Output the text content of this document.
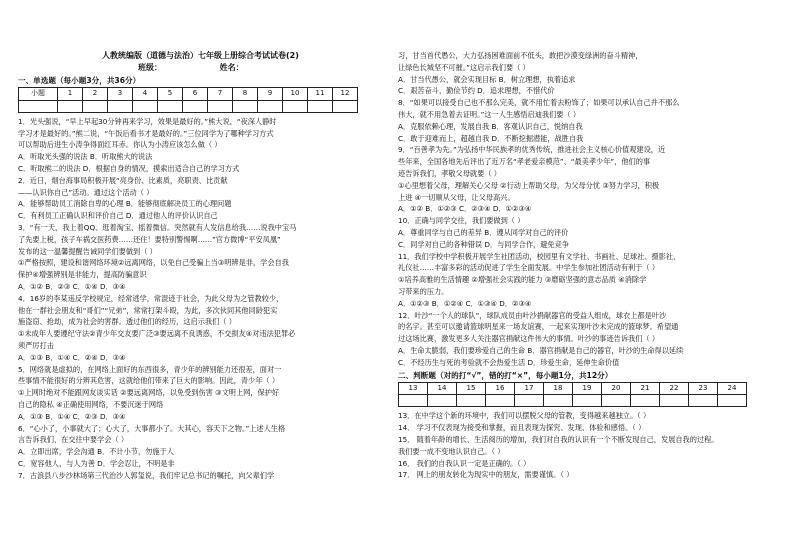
人教统编版（道德与法治）七年级上册综合考试试卷(2)
班级：	姓名：
一、单选题（每小题3分，共36分）
小题	1	2	3	4	5	6	7	8	9	10	11	12

1．光头强说，“早上早起30分钟再来学习，效果是最好的。”熊大说，“夜深人静时
学习才是最好的。”熊二说，“午饭后看书才是最好的。”三位同学为了哪种学习方式
可以帮助后进生小涛争得面红耳赤。你认为小涛应该怎么做（ ）
A．听取光头强的说法 B．听取熊大的说法
C．听取熊二的说法 D．根据自身的情况，摸索出适合自己的学习方式
2．近日，烟台海事局积极开展“亮身份、比素质，亮职责、比贡献
——认识你自己”活动。通过这个活动（ ）
A．能够帮助员工消除自卑的心理 B．能够彻底解决员工的心理问题
C．有利员工正确认识和评价自己 D．通过他人的评价认识自己
3．“有一天，我上着QQ、逛着淘宝、摇着微信。突然就有人发信息给我……说我中宝马
了先要上税，孩子车祸交医药费……还住！要特别警惕啊……”官方微博“平安凤凰”
发布的这一温馨提醒告诫同学们要做到（ ）
①严格按照，建设和谐网络环境②远离网络，以免自己受骗上当③明辨是非，学会自我
保护④增强辨别是非能力，提高防骗意识
A．①② B．②③ C．①④ D．③④
4．16岁的李某违反学校规定，经常逃学，常混迹于社会，为此父母为之管教较少，
他在一群社会朋友和“哥们”“兄弟”，常常打架斗殴，为此，多次伙同其他同龄犯实
施盗窃、抢劫，成为社会的害群。透过他们的经历，这启示我们（ ）
①未成年人要遵纪守法②青少年交友要广泛③要远离不良诱惑，不交损友④对违法犯罪必
须严厉打击
A．①③ B．①④ C．②④ D．③④
5．网络就是虚拟的，在网络上面好的东西很多，青少年的辨别能力还很差，面对一
些事情不能很好的分辨其危害，这就给他们带来了巨大的影响。因此，青少年（ ）
①上网时绝对不能跟网友谈实话 ②要远离网络，以免受到伤害 ③文明上网，保护好
自己的隐私 ④正确使用网络，不要沉迷于网络
A．①③ B．①④ C．②③ D．③④
6．“心小了，小事就大了；心大了，大事都小了。大其心，容天下之物。”上述人生格
言告诉我们，在交往中要学会（ ）
A．立即出席，学会沟通 B．不计小节，勿施于人
C．宽容他人，与人为善 D．学会忍让，不明是非
7．古浪县八步沙林场第三代治沙人郭玺说，我们牢记总书记的嘱托，向父辈们学
习，甘当首代愚公，大力弘扬困难面前不低头，敢把沙漠变绿洲的奋斗精神，
让绿色长城坚不可摧。”这启示我们要（ ）
A．甘当代愚公，就会实现目标 B．树立理想，执着追求
C．艰苦奋斗，勤俭节约 D．追求理想，不惜代价
8．“如果可以接受自己也不那么完美，就不用忙着去粉饰了；如果可以承认自己并不那么
伟大，就不用急着去证明。”这一人生感悟启迪我们要（ ）
A．克服依赖心理，发展自我 B．客观认识自己，悦纳自我
C．敢于迎难而上，超越自我 D．不断挖掘潜能，战胜自我
9．“百善孝为先。”为弘扬中华民族孝的优秀传统，推进社会主义核心价值观建设，近
些年来，全国各地先后评出了近万名“孝老爱亲模范”、“最美孝少年”，他们的事
迹告诉我们，孝敬父母就要（ ）
①心里想着父母，理解关心父母 ②行动上帮助父母，为父母分忧 ③努力学习，积极
上进 ④一切顺从父母，让父母高兴。
A．①② B．①②③ C．②③④ D．①②③④
10．正确与同学交往，我们要做到（ ）
A．尊重同学与自己的差异 B．遵从同学对自己的评价
C．同学对自己的各种错误 D．与同学合作，避免竞争
11．我们学校中学积极开展学生社团活动，校园里有文学社、书画社、足球社、摄影社、
礼仪社……丰富多彩的活动促进了学生全面发展。中学生参加社团活动有利于（ ）
①培养高雅的生活情趣 ②增强社会实践的能力 ③磨砺坚强的意志品质 ④消除学
习带来的压力。
A．①②③ B．①②④ C．①③④ D．②③④
12．叶沙“一个人的球队”，球队成员由叶沙捐献器官的受益人组成，球衣上都是叶沙
的名字。甚至可以邀请篮球明星来一场友谊赛，一起来实现叶沙未完成的篮球梦。希望通
过这场比赛，激发更多人关注器官捐献这件伟大的事情。叶沙的事迹告诉我们（ ）
A．生命太脆弱，我们要珍爱自己的生命 B．器官捐献是自己的器官，叶沙的生命得以延续
C．不经历生与死的考验就不会热爱生活 D．珍爱生命，延伸生命价值
二、判断题（对的打“√”，错的打“×”，每小题1分，共12分）
13	14	15	16	17	18	19	20	21	22	23	24

13．在中学这个新的环境中，我们可以摆脱父母的管教，变得越来越独立。（ ）
14． 学习不仅表现为接受和掌握，而且表现为探究、发现、体验和感悟。（ ）
15． 随着年龄的增长、生活阅历的增加，我们对自我的认识有一个不断发现自己，发展自我的过程。
我们要一成不变地认识自己。（ ）
16． 我们的自我认识一定是正确的。（ ）
17． 网上的朋友转化为现实中的朋友，需要谨慎。（ ）
